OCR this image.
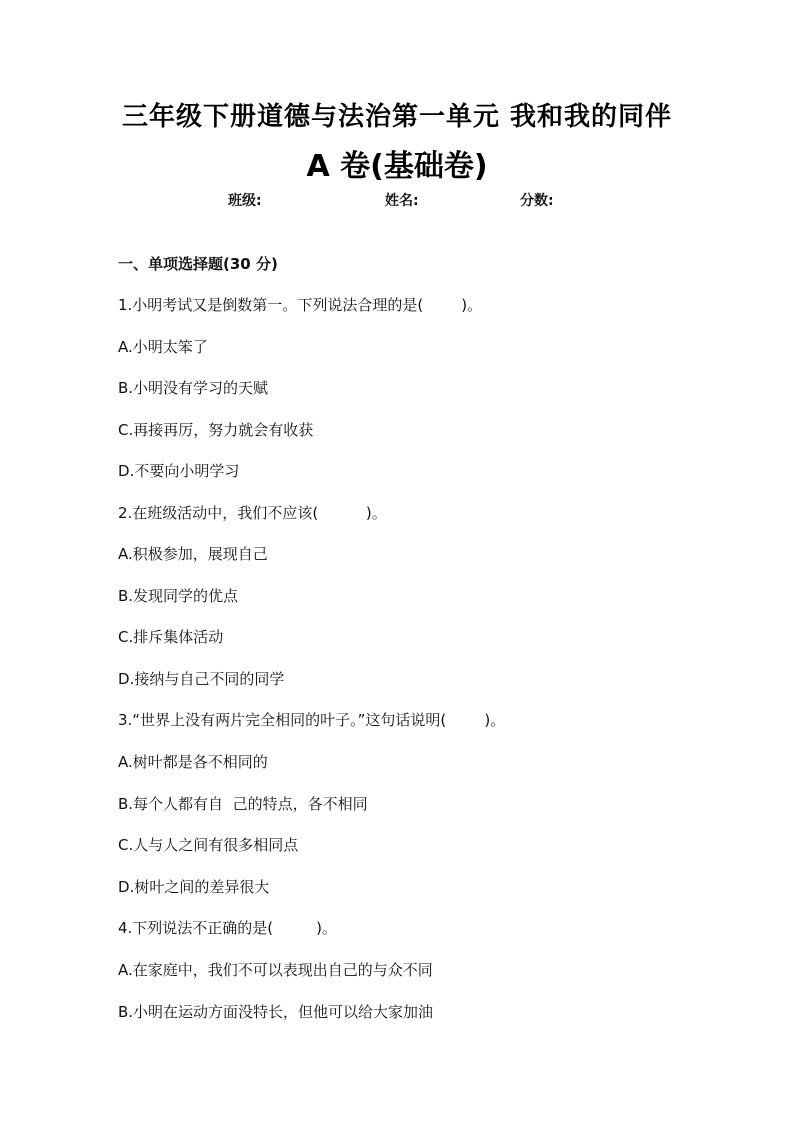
三年级下册道德与法治第一单元 我和我的同伴
A 卷(基础卷)
班级:	姓名:	分数:
一、单项选择题(30 分)
1.小明考试又是倒数第一。下列说法合理的是(        )。
A.小明太笨了
B.小明没有学习的天赋
C.再接再厉，努力就会有收获
D.不要向小明学习
2.在班级活动中，我们不应该(          )。
A.积极参加，展现自己
B.发现同学的优点
C.排斥集体活动
D.接纳与自己不同的同学
3.“世界上没有两片完全相同的叶子。”这句话说明(        )。
A.树叶都是各不相同的
B.每个人都有自  己的特点，各不相同
C.人与人之间有很多相同点
D.树叶之间的差异很大
4.下列说法不正确的是(         )。
A.在家庭中，我们不可以表现出自己的与众不同
B.小明在运动方面没特长，但他可以给大家加油
